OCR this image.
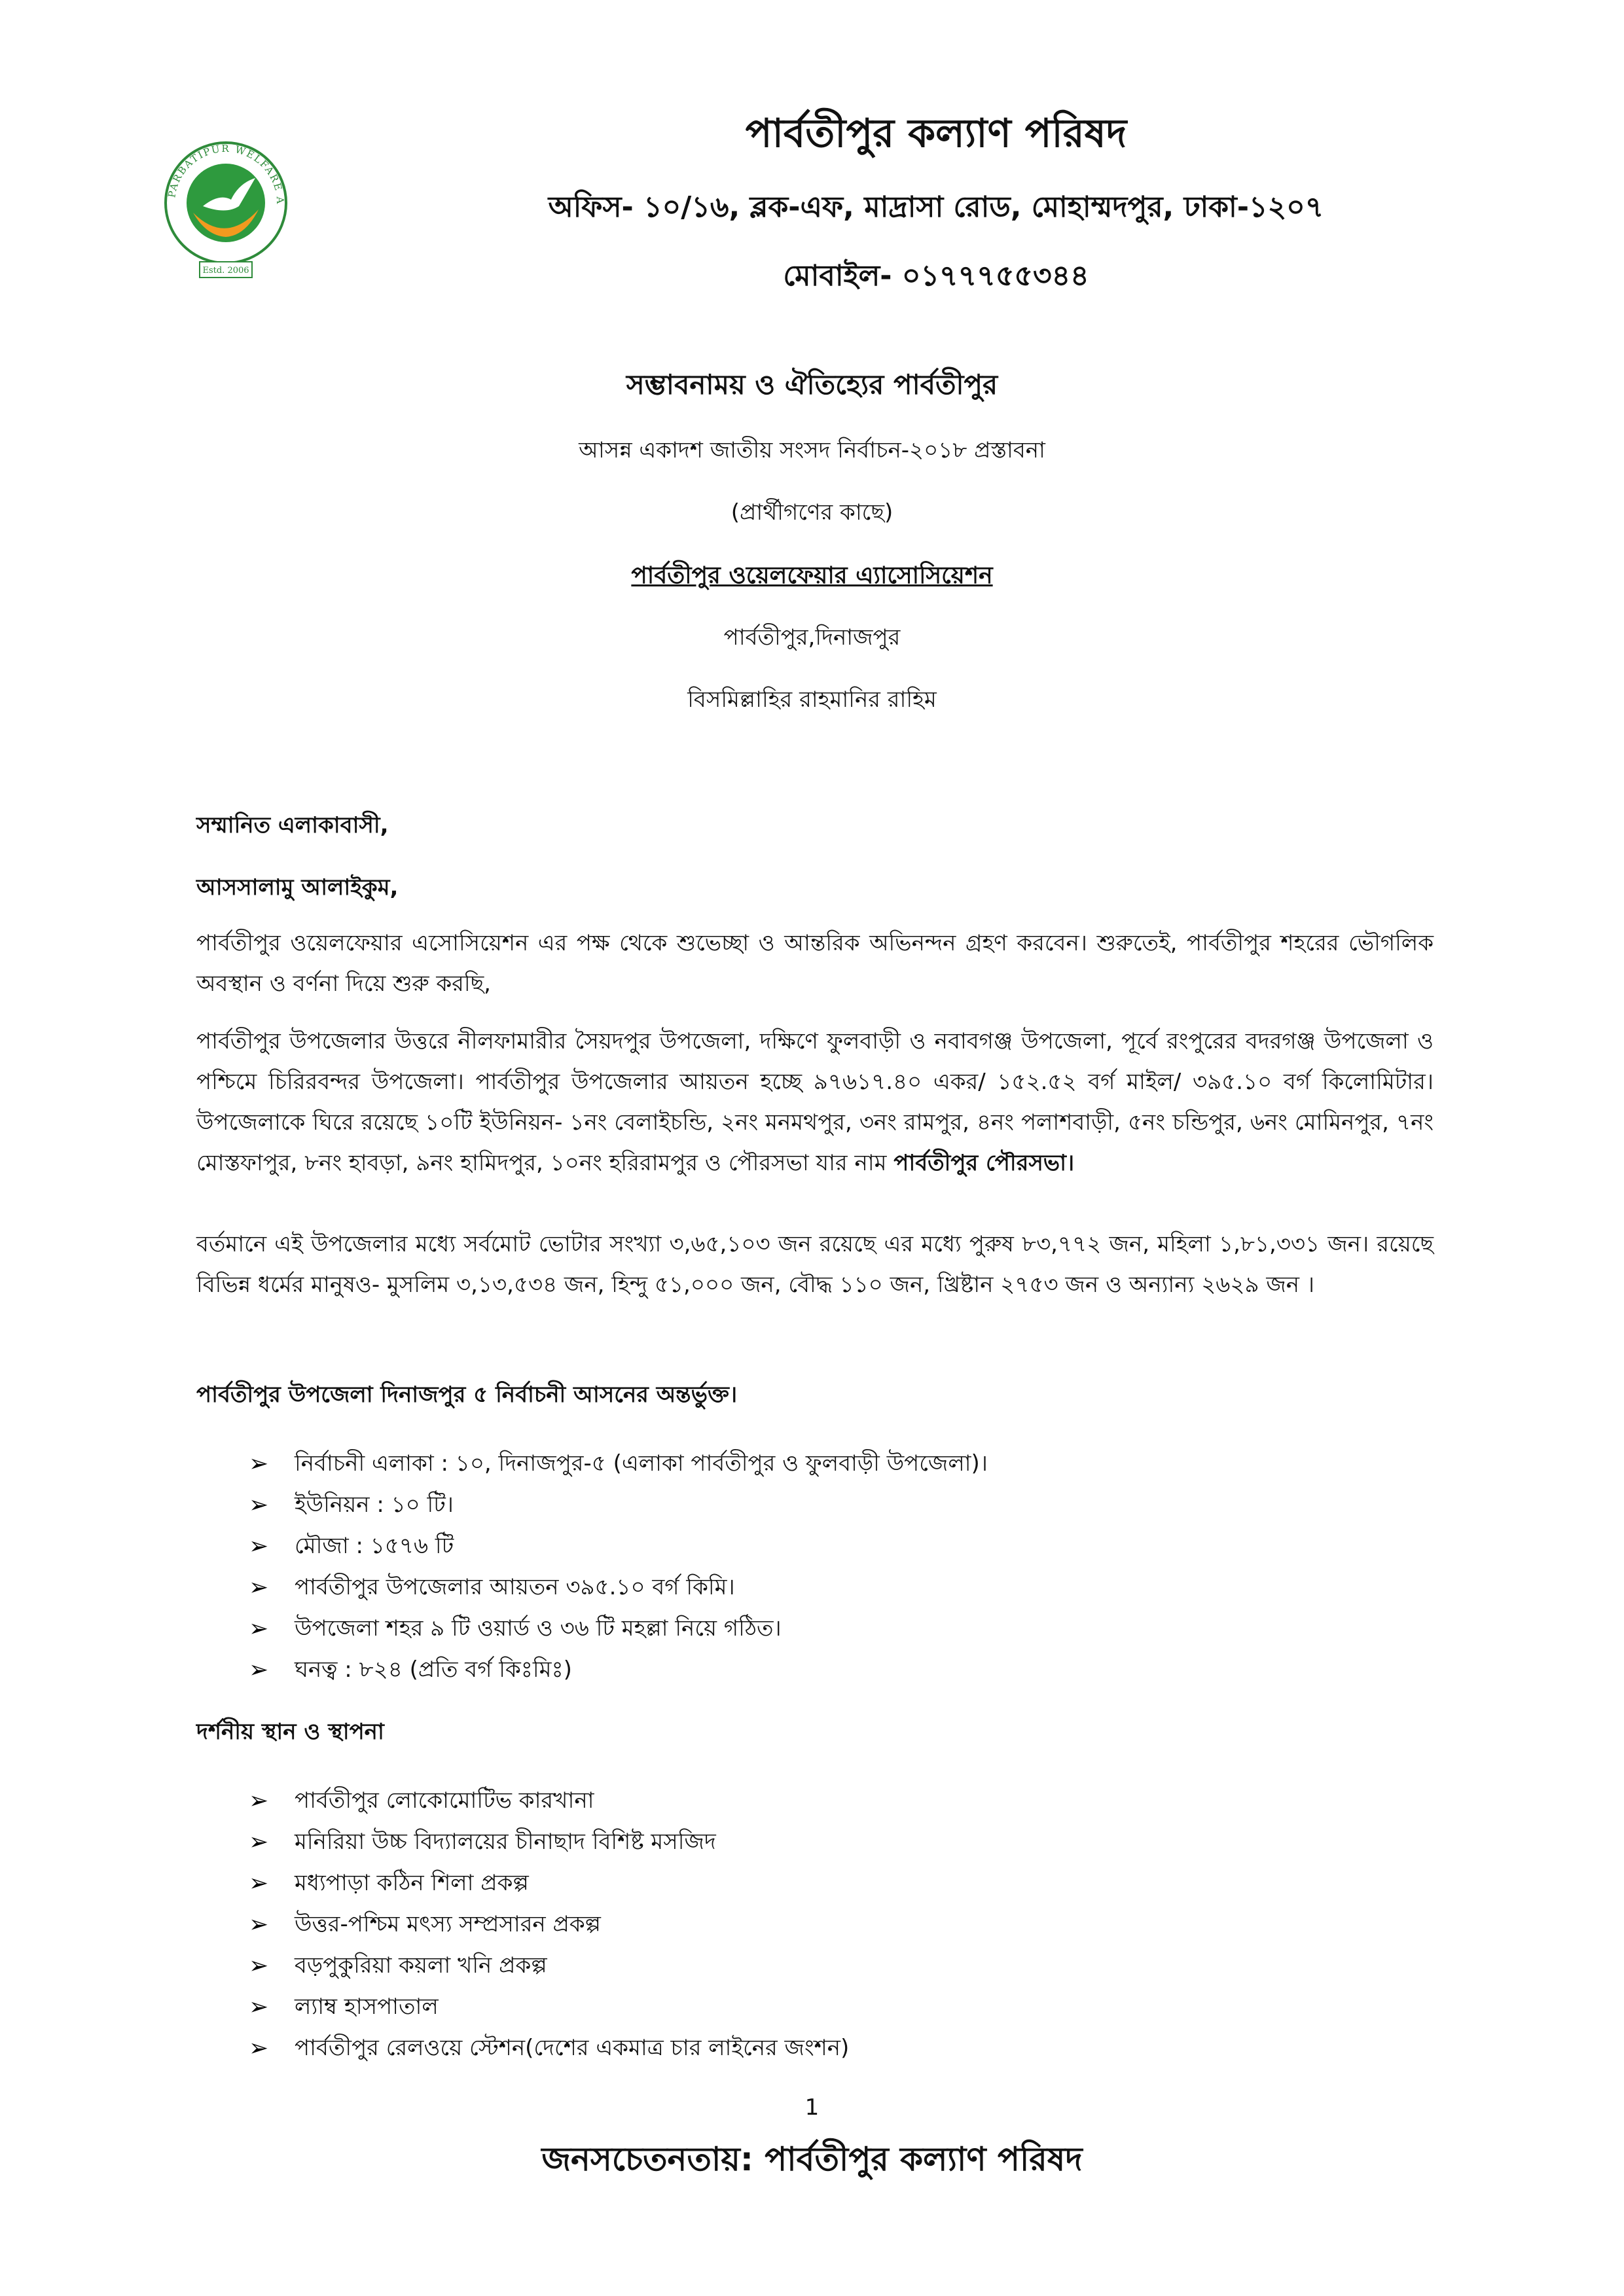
PARBATIPUR WELFARE A
Estd. 2006
পার্বতীপুর কল্যাণ পরিষদ
অফিস- ১০/১৬, ব্লক-এফ, মাদ্রাসা রোড, মোহাম্মদপুর, ঢাকা-১২০৭
মোবাইল- ০১৭৭৭৫৫৩৪৪
সম্ভাবনাময় ও ঐতিহ্যের পার্বতীপুর
আসন্ন একাদশ জাতীয় সংসদ নির্বাচন-২০১৮ প্রস্তাবনা
(প্রার্থীগণের কাছে)
পার্বতীপুর ওয়েলফেয়ার এ্যাসোসিয়েশন
পার্বতীপুর,দিনাজপুর
বিসমিল্লাহির রাহমানির রাহিম
সম্মানিত এলাকাবাসী,
আসসালামু আলাইকুম,
পার্বতীপুর ওয়েলফেয়ার এসোসিয়েশন এর পক্ষ থেকে শুভেচ্ছা ও আন্তরিক অভিনন্দন গ্রহণ করবেন। শুরুতেই, পার্বতীপুর শহরের ভৌগলিক অবস্থান ও বর্ণনা দিয়ে শুরু করছি,
পার্বতীপুর উপজেলার উত্তরে নীলফামারীর সৈয়দপুর উপজেলা, দক্ষিণে ফুলবাড়ী ও নবাবগঞ্জ উপজেলা, পূর্বে রংপুরের বদরগঞ্জ উপজেলা ও পশ্চিমে চিরিরবন্দর উপজেলা। পার্বতীপুর উপজেলার আয়তন হচ্ছে ৯৭৬১৭.৪০ একর/ ১৫২.৫২ বর্গ মাইল/ ৩৯৫.১০ বর্গ কিলোমিটার। উপজেলাকে ঘিরে রয়েছে ১০টি ইউনিয়ন- ১নং বেলাইচন্ডি, ২নং মনমথপুর, ৩নং রামপুর, ৪নং পলাশবাড়ী, ৫নং চন্ডিপুর, ৬নং মোমিনপুর, ৭নং মোস্তফাপুর, ৮নং হাবড়া, ৯নং হামিদপুর, ১০নং হরিরামপুর ও পৌরসভা যার নাম পার্বতীপুর পৌরসভা।
বর্তমানে এই উপজেলার মধ্যে সর্বমোট ভোটার সংখ্যা ৩,৬৫,১০৩ জন রয়েছে এর মধ্যে পুরুষ ৮৩,৭৭২ জন, মহিলা ১,৮১,৩৩১ জন। রয়েছে বিভিন্ন ধর্মের মানুষও- মুসলিম ৩,১৩,৫৩৪ জন, হিন্দু ৫১,০০০ জন, বৌদ্ধ ১১০ জন, খ্রিষ্টান ২৭৫৩ জন ও অন্যান্য ২৬২৯ জন ।
পার্বতীপুর উপজেলা দিনাজপুর ৫ নির্বাচনী আসনের অন্তর্ভুক্ত।
➢ নির্বাচনী এলাকা : ১০, দিনাজপুর-৫ (এলাকা পার্বতীপুর ও ফুলবাড়ী উপজেলা)।
➢ ইউনিয়ন : ১০ টি।
➢ মৌজা : ১৫৭৬ টি
➢ পার্বতীপুর উপজেলার আয়তন ৩৯৫.১০ বর্গ কিমি।
➢ উপজেলা শহর ৯ টি ওয়ার্ড ও ৩৬ টি মহল্লা নিয়ে গঠিত।
➢ ঘনত্ব : ৮২৪ (প্রতি বর্গ কিঃমিঃ)
দর্শনীয় স্থান ও স্থাপনা
➢ পার্বতীপুর লোকোমোটিভ কারখানা
➢ মনিরিয়া উচ্চ বিদ্যালয়ের চীনাছাদ বিশিষ্ট মসজিদ
➢ মধ্যপাড়া কঠিন শিলা প্রকল্প
➢ উত্তর-পশ্চিম মৎস্য সম্প্রসারন প্রকল্প
➢ বড়পুকুরিয়া কয়লা খনি প্রকল্প
➢ ল্যাম্ব হাসপাতাল
➢ পার্বতীপুর রেলওয়ে স্টেশন(দেশের একমাত্র চার লাইনের জংশন)
1
জনসচেতনতায়: পার্বতীপুর কল্যাণ পরিষদ
